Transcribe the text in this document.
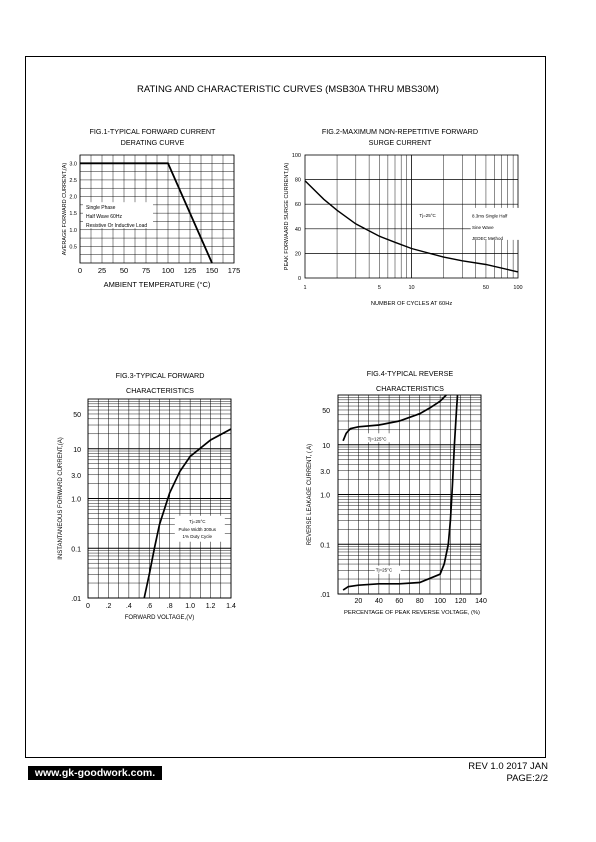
RATING AND CHARACTERISTIC CURVES (MSB30A THRU MBS30M)
FIG.1-TYPICAL FORWARD CURRENT
DERATING CURVE
FIG.2-MAXIMUM NON-REPETITIVE FORWARD
SURGE CURRENT
FIG.3-TYPICAL FORWARD
CHARACTERISTICS
FIG.4-TYPICAL REVERSE
CHARACTERISTICS
0 25 50 75 100 125 150 175
0.5
1.0
1.5
2.0
2.5
3.0
Single Phase
Half Wave 60Hz
Resistive Or Inductive Load
AMBIENT TEMPERATURE (°C)
AVERAGE FORWARD CURRENT,(A)
1	5	10	50	100
0
20
40
60
80
100
Tj=25°C	8.3ms Single Half
Sine Wave
JEDEC Method
NUMBER OF CYCLES AT 60Hz
PEAK FORWAARD SURGE CURRENT,(A)
0 .2 .4 .6 .8 1.0 1.2 1.4
.01
0.1
1.0
3.0
10
50
Tj=25°C
Pulse Width 300us
1% Duty Cycle
FORWARD VOLTAGE,(V)
INSTANTANEOUS FORWARD CURRENT,(A)
20 40 60 80 100 120 140
.01
0.1
1.0
3.0
10
50
Tj=125°C
Tj=25°C
PERCENTAGE OF PEAK REVERSE VOLTAGE, (%)
REVERSE LEAKAGE CURRENT, ( A)
www.gk-goodwork.com.
REV 1.0 2017 JAN
PAGE:2/2
